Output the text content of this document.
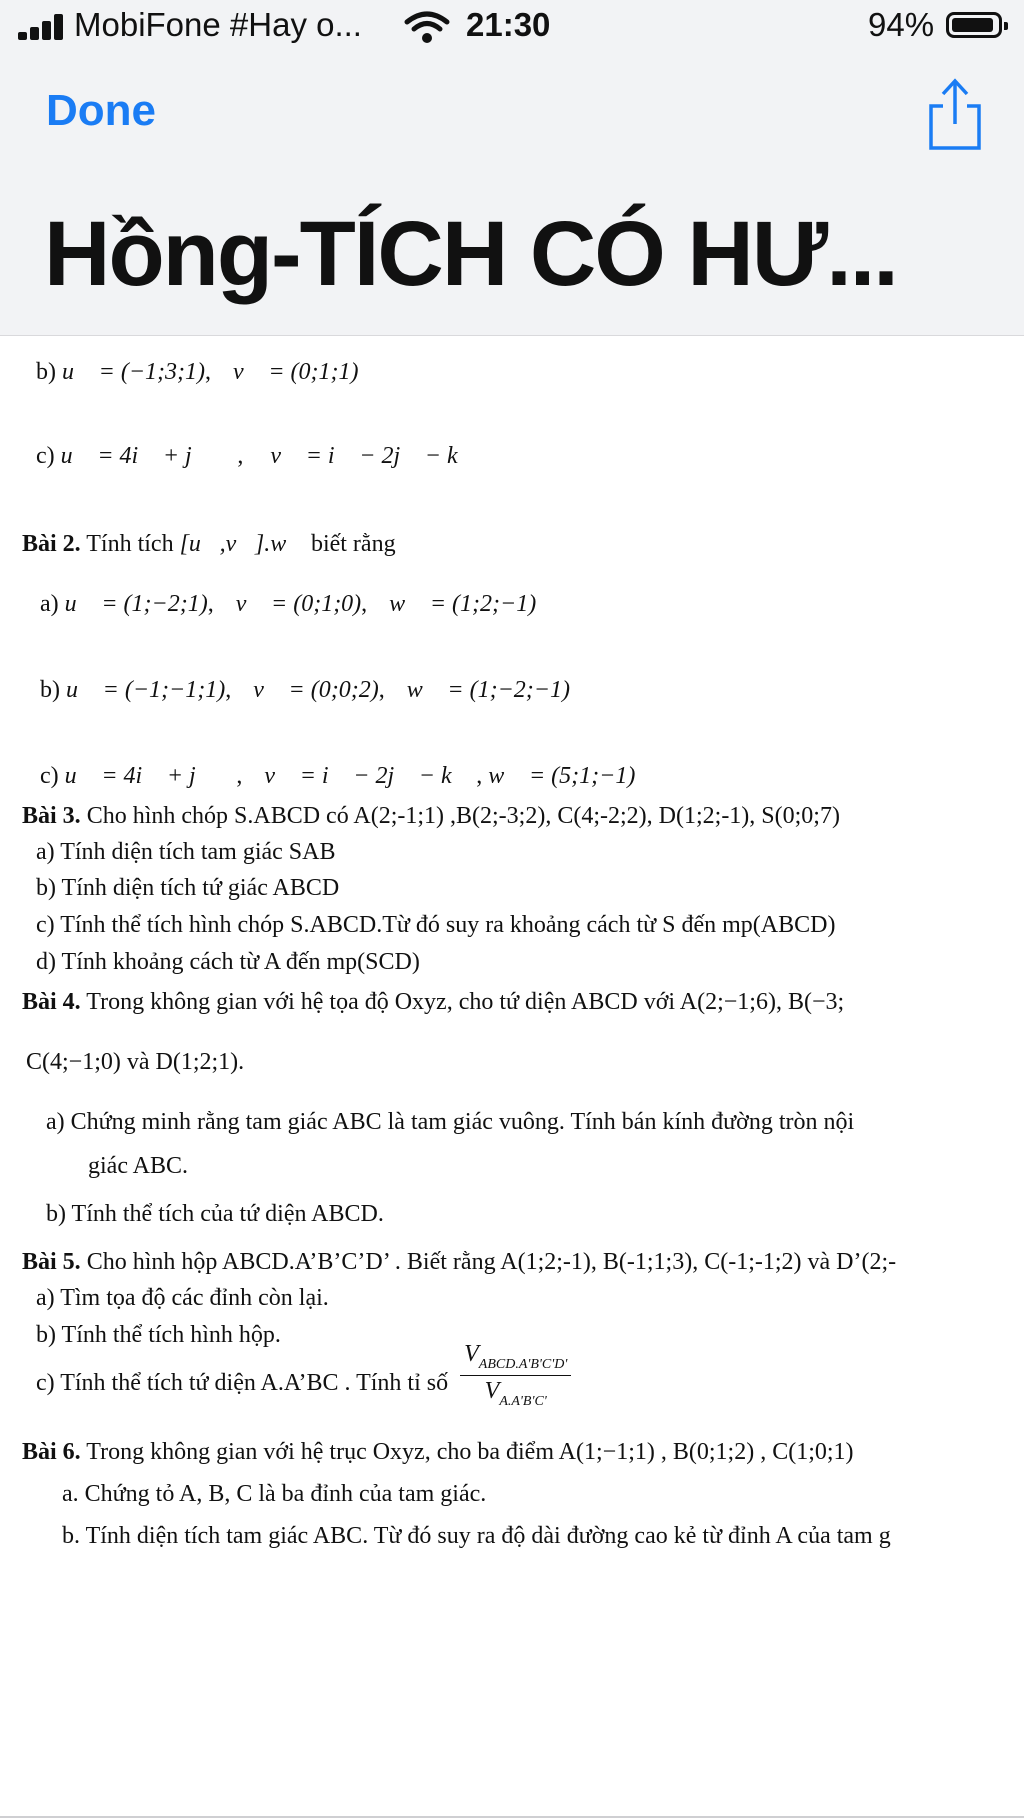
MobiFone #Hay o...	21:30	94%
Done
Hồng-TÍCH CÓ HƯ...
b) u⃗ = (−1;3;1), v⃗ = (0;1;1)
c) u⃗ = 4i⃗ + j⃗ , v⃗ = i⃗ − 2j⃗ − k⃗
Bài 2. Tính tích [u⃗,v⃗].w⃗ biết rằng
a) u⃗ = (1;−2;1), v⃗ = (0;1;0), w⃗ = (1;2;−1)
b) u⃗ = (−1;−1;1), v⃗ = (0;0;2), w⃗ = (1;−2;−1)
c) u⃗ = 4i⃗ + j⃗ , v⃗ = i⃗ − 2j⃗ − k⃗ , w⃗ = (5;1;−1)
Bài 3. Cho hình chóp S.ABCD có A(2;-1;1) ,B(2;-3;2), C(4;-2;2), D(1;2;-1), S(0;0;7)
a) Tính diện tích tam giác SAB
b) Tính diện tích tứ giác ABCD
c) Tính thể tích hình chóp S.ABCD.Từ đó suy ra khoảng cách từ S đến mp(ABCD)
d) Tính khoảng cách từ A đến mp(SCD)
Bài 4. Trong không gian với hệ tọa độ Oxyz, cho tứ diện ABCD với A(2;−1;6), B(−3;
C(4;−1;0) và D(1;2;1).
a) Chứng minh rằng tam giác ABC là tam giác vuông. Tính bán kính đường tròn nội
giác ABC.
b) Tính thể tích của tứ diện ABCD.
Bài 5. Cho hình hộp ABCD.A’B’C’D’ . Biết rằng A(1;2;-1), B(-1;1;3), C(-1;-1;2) và D’(2;-
a) Tìm tọa độ các đỉnh còn lại.
b) Tính thể tích hình hộp.
c) Tính thể tích tứ diện A.A’BC . Tính tỉ số $\frac{V_{ABCD.A'B'C'D'}}{V_{A.A'B'C'}}$
Bài 6. Trong không gian với hệ trục Oxyz, cho ba điểm A(1;−1;1) , B(0;1;2) , C(1;0;1)
a. Chứng tỏ A, B, C là ba đỉnh của tam giác.
b. Tính diện tích tam giác ABC. Từ đó suy ra độ dài đường cao kẻ từ đỉnh A của tam g
